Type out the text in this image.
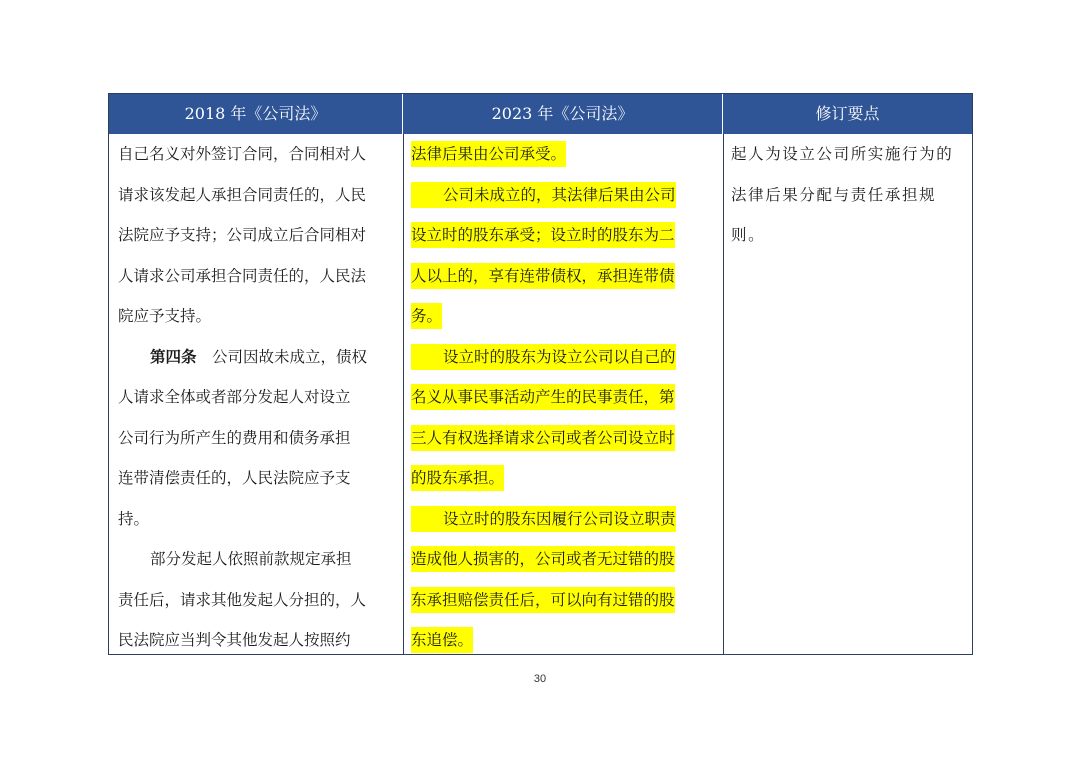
2018 年《公司法》	2023 年《公司法》	修订要点
自己名义对外签订合同，合同相对人
请求该发起人承担合同责任的，人民
法院应予支持；公司成立后合同相对
人请求公司承担合同责任的，人民法
院应予支持。
第四条　公司因故未成立，债权
人请求全体或者部分发起人对设立
公司行为所产生的费用和债务承担
连带清偿责任的，人民法院应予支
持。
部分发起人依照前款规定承担
责任后，请求其他发起人分担的，人
民法院应当判令其他发起人按照约
法律后果由公司承受。
公司未成立的，其法律后果由公司
设立时的股东承受；设立时的股东为二
人以上的，享有连带债权，承担连带债
务。
设立时的股东为设立公司以自己的
名义从事民事活动产生的民事责任，第
三人有权选择请求公司或者公司设立时
的股东承担。
设立时的股东因履行公司设立职责
造成他人损害的，公司或者无过错的股
东承担赔偿责任后，可以向有过错的股
东追偿。
起人为设立公司所实施行为的
法律后果分配与责任承担规
则。
30
